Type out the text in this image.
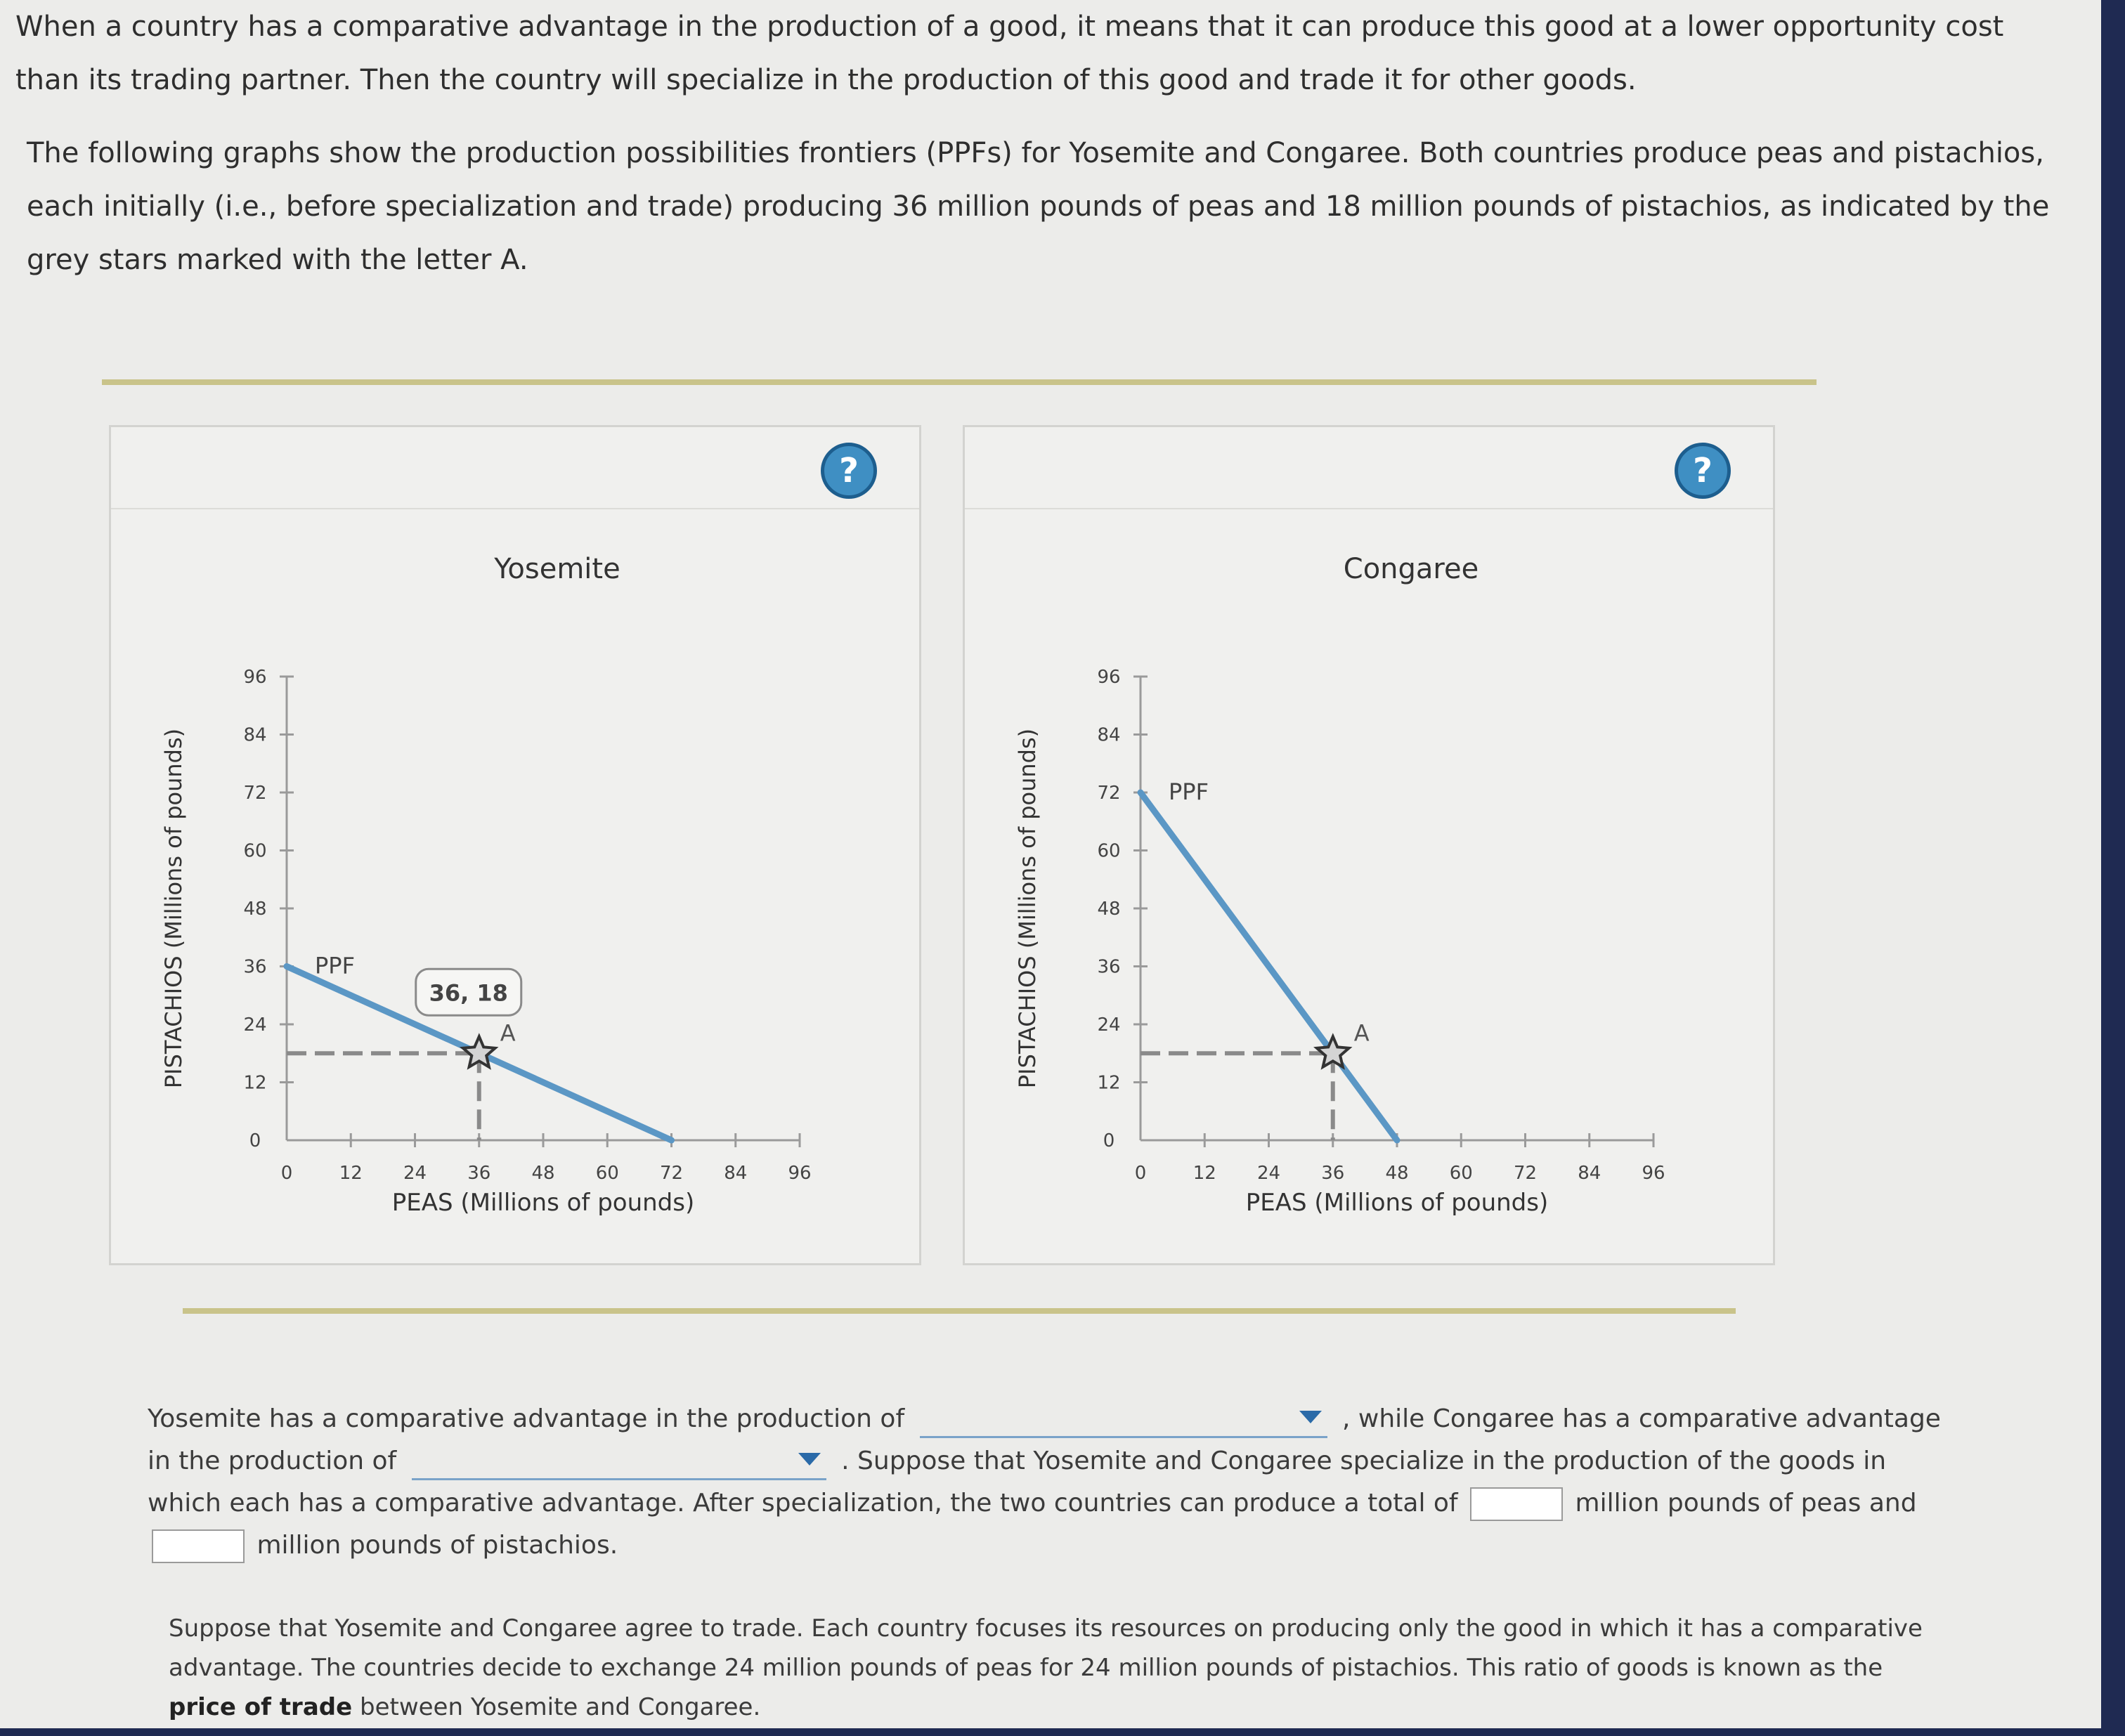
When a country has a comparative advantage in the production of a good, it means that it can produce this good at a lower opportunity cost than its trading partner. Then the country will specialize in the production of this good and trade it for other goods.
The following graphs show the production possibilities frontiers (PPFs) for Yosemite and Congaree. Both countries produce peas and pistachios, each initially (i.e., before specialization and trade) producing 36 million pounds of peas and 18 million pounds of pistachios, as indicated by the grey stars marked with the letter A.
?
Yosemite
0	12 24 36 48 60 72 84 96
0
12
24
36
48
60
72
84
96
PEAS (Millions of pounds)
PISTACHIOS (Millions of pounds)	PPF
A
36, 18
?
Congaree
0	12 24 36 48 60 72 84 96
0
12
24
36
48
60
72
84
96
PEAS (Millions of pounds)
PISTACHIOS (Millions of pounds)	PPF
A
Yosemite has a comparative advantage in the production of	, while Congaree has a comparative advantage in the production of	. Suppose that Yosemite and Congaree specialize in the production of the goods in which each has a comparative advantage. After specialization, the two countries can produce a total of	million pounds of peas and  million pounds of pistachios.
Suppose that Yosemite and Congaree agree to trade. Each country focuses its resources on producing only the good in which it has a comparative advantage. The countries decide to exchange 24 million pounds of peas for 24 million pounds of pistachios. This ratio of goods is known as the price of trade between Yosemite and Congaree.
